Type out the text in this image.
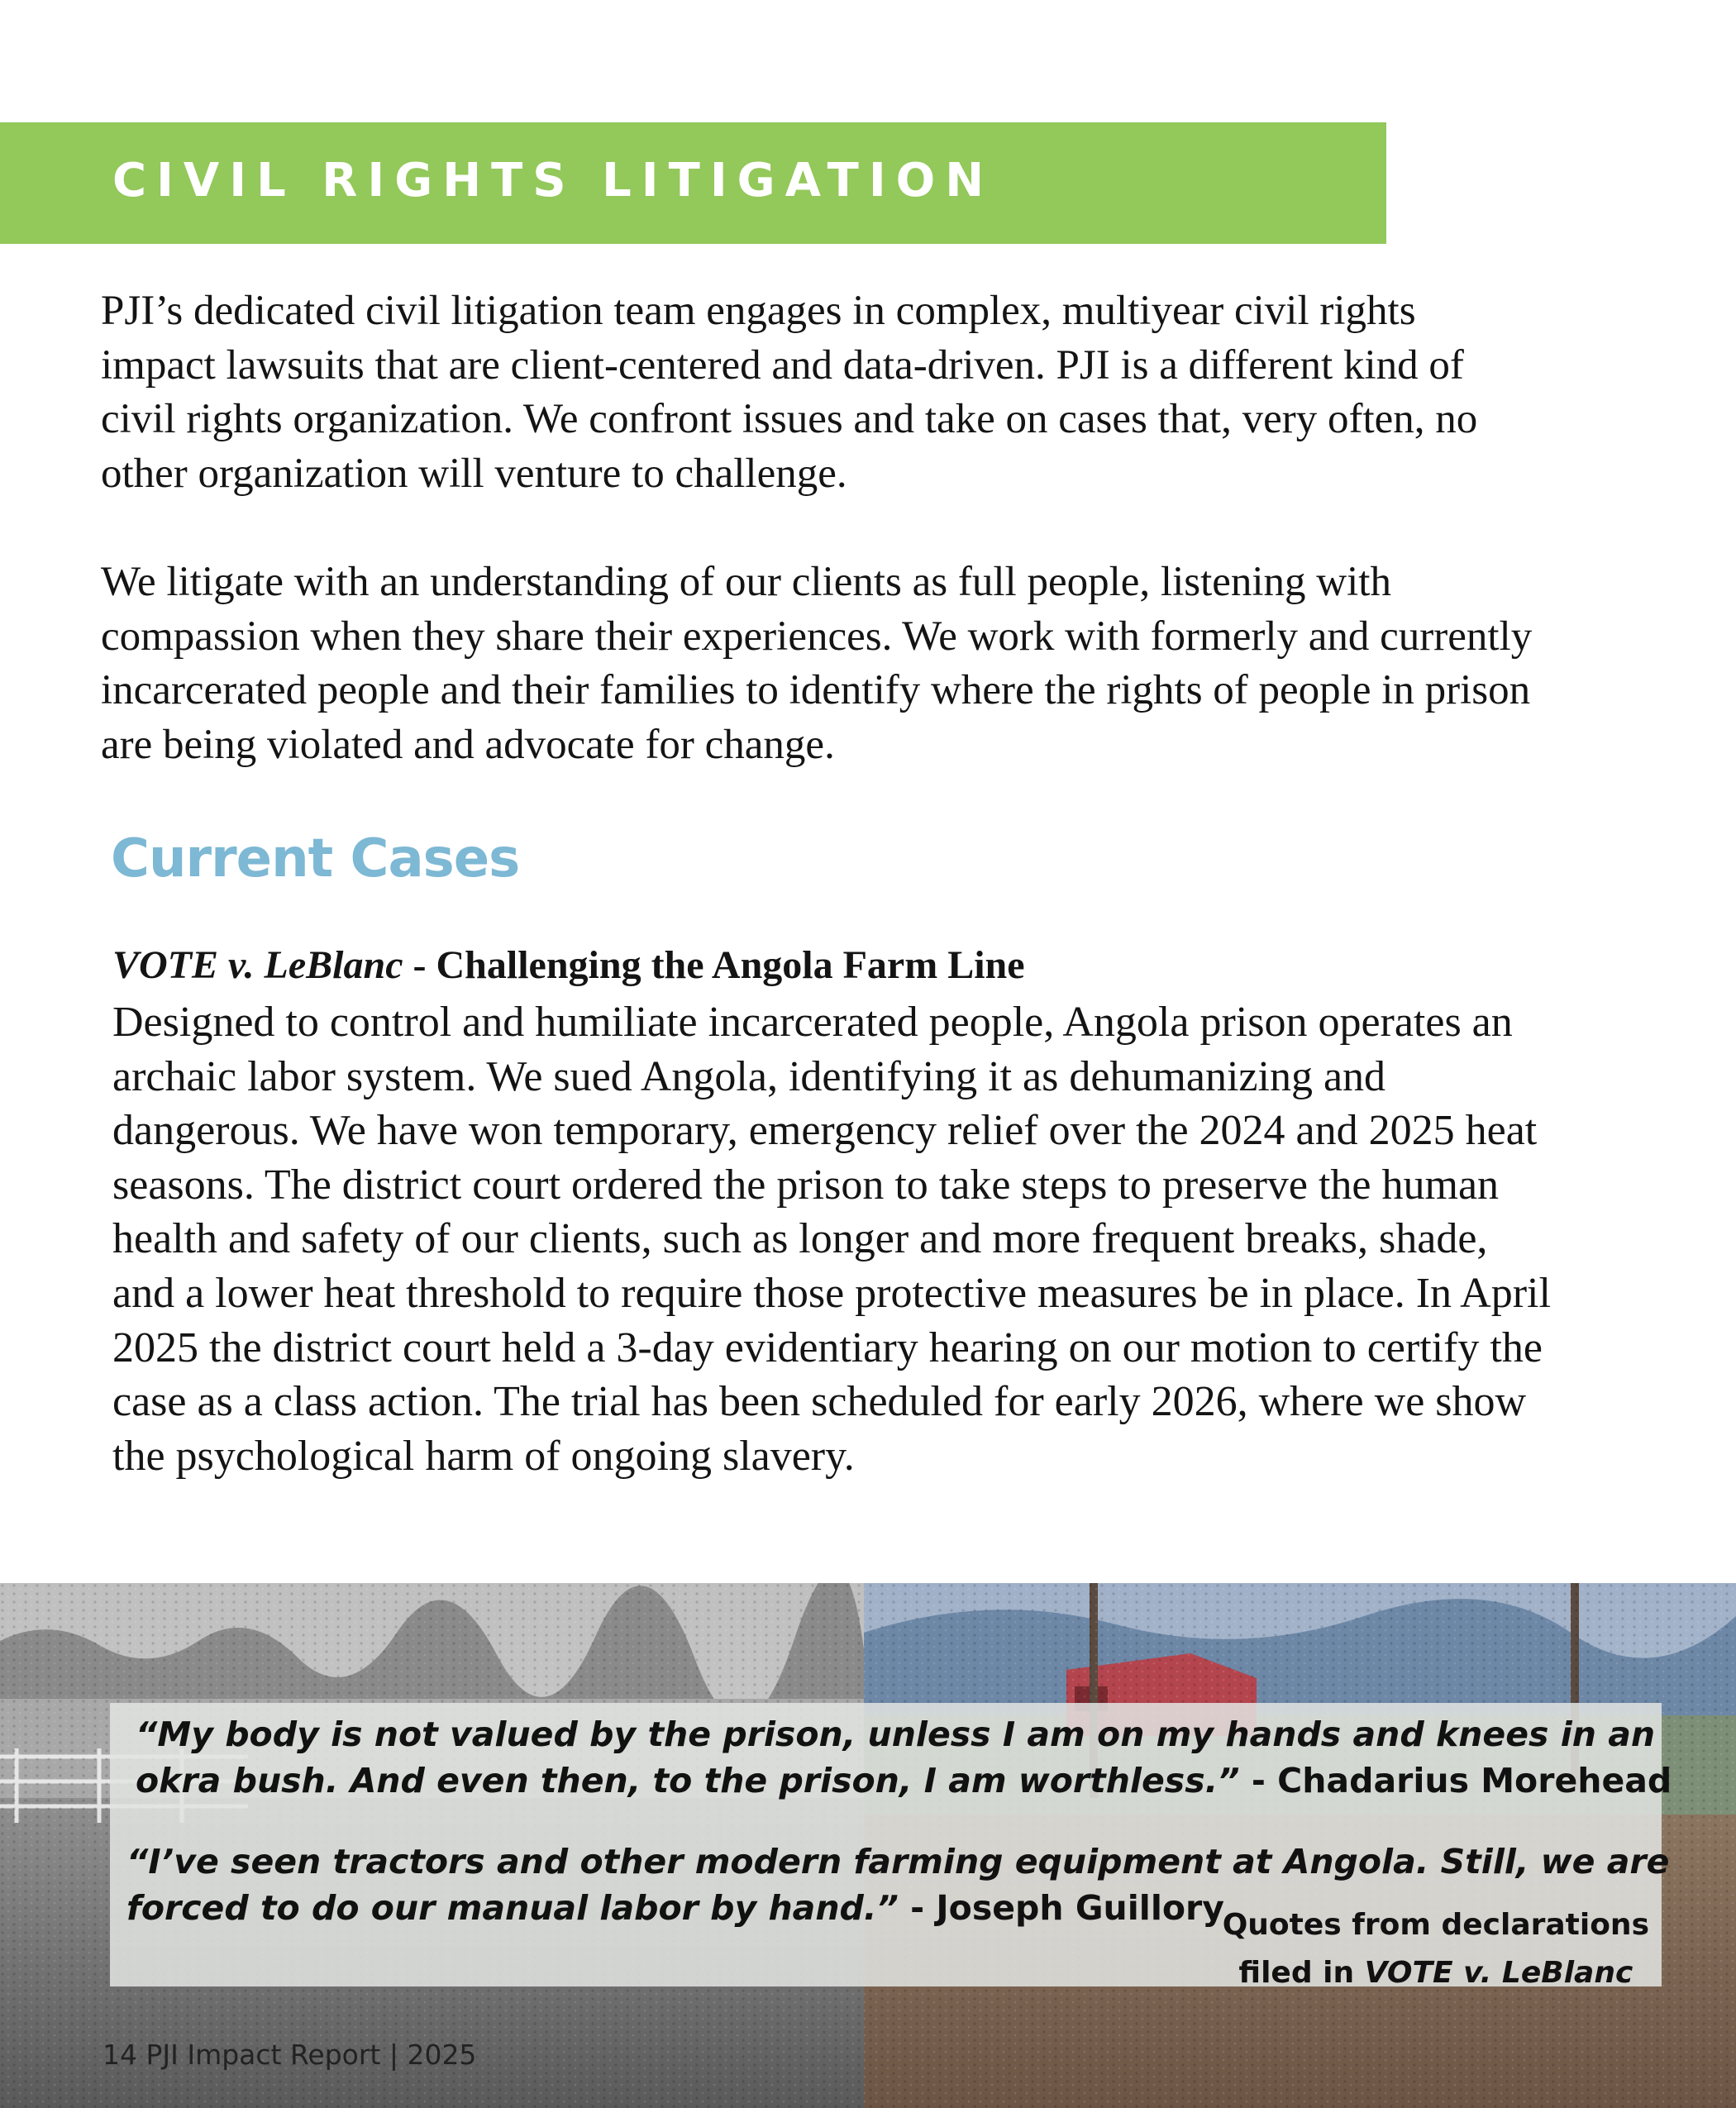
CIVIL RIGHTS LITIGATION

PJI’s dedicated civil litigation team engages in complex, multiyear civil rights impact lawsuits that are client-centered and data-driven. PJI is a different kind of civil rights organization. We confront issues and take on cases that, very often, no other organization will venture to challenge.

We litigate with an understanding of our clients as full people, listening with compassion when they share their experiences. We work with formerly and currently incarcerated people and their families to identify where the rights of people in prison are being violated and advocate for change.

Current Cases
VOTE v. LeBlanc - Challenging the Angola Farm Line

Designed to control and humiliate incarcerated people, Angola prison operates an archaic labor system. We sued Angola, identifying it as dehumanizing and dangerous. We have won temporary, emergency relief over the 2024 and 2025 heat seasons. The district court ordered the prison to take steps to preserve the human health and safety of our clients, such as longer and more frequent breaks, shade, and a lower heat threshold to require those protective measures be in place. In April 2025 the district court held a 3-day evidentiary hearing on our motion to certify the case as a class action. The trial has been scheduled for early 2026, where we show the psychological harm of ongoing slavery.

“My body is not valued by the prison, unless I am on my hands and knees in an
okra bush. And even then, to the prison, I am worthless.” - Chadarius Morehead

“I’ve seen tractors and other modern farming equipment at Angola. Still, we are
forced to do our manual labor by hand.” - Joseph Guillory

Quotes from declarations
filed in VOTE v. LeBlanc
14 PJI Impact Report | 2025
